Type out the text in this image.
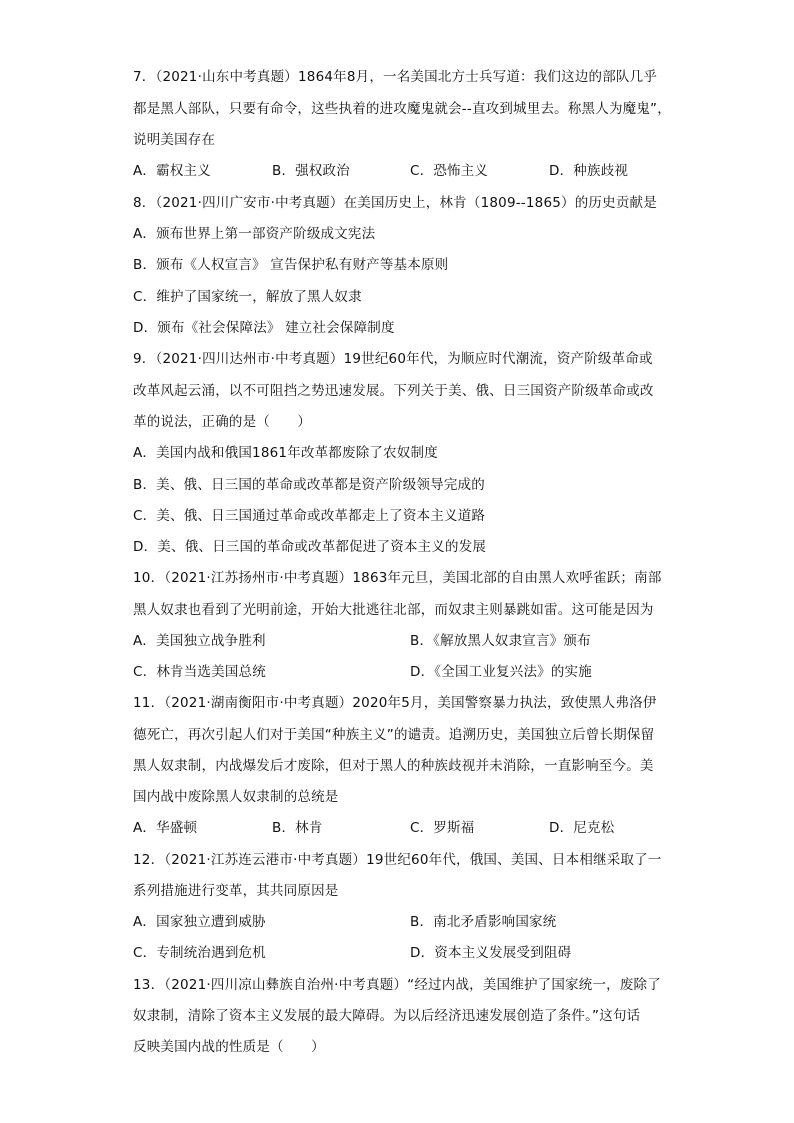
7．（2021·山东中考真题）1864年8月，一名美国北方士兵写道：我们这边的部队几乎
都是黑人部队，只要有命令，这些执着的进攻魔鬼就会--直攻到城里去。称黑人为魔鬼”，
说明美国存在
A．霸权主义	B．强权政治	C．恐怖主义	D．种族歧视
8．（2021·四川广安市·中考真题）在美国历史上，林肯（1809--1865）的历史贡献是
A．颁布世界上第一部资产阶级成文宪法
B．颁布《人权宣言》 宣告保护私有财产等基本原则
C．维护了国家统一，解放了黑人奴隶
D．颁布《社会保障法》 建立社会保障制度
9．（2021·四川达州市·中考真题）19世纪60年代，为顺应时代潮流，资产阶级革命或
改革风起云涌，以不可阻挡之势迅速发展。下列关于美、俄、日三国资产阶级革命或改
革的说法，正确的是（　　）
A．美国内战和俄国1861年改革都废除了农奴制度
B．美、俄、日三国的革命或改革都是资产阶级领导完成的
C．美、俄、日三国通过革命或改革都走上了资本主义道路
D．美、俄、日三国的革命或改革都促进了资本主义的发展
10．（2021·江苏扬州市·中考真题）1863年元旦，美国北部的自由黑人欢呼雀跃；南部
黑人奴隶也看到了光明前途，开始大批逃往北部，而奴隶主则暴跳如雷。这可能是因为
A．美国独立战争胜利	B．《解放黑人奴隶宣言》颁布
C．林肯当选美国总统	D．《全国工业复兴法》的实施
11．（2021·湖南衡阳市·中考真题）2020年5月，美国警察暴力执法，致使黑人弗洛伊
德死亡，再次引起人们对于美国“种族主义”的谴责。追溯历史，美国独立后曾长期保留
黑人奴隶制，内战爆发后才废除，但对于黑人的种族歧视并未消除，一直影响至今。美
国内战中废除黑人奴隶制的总统是
A．华盛顿	B．林肯	C．罗斯福	D．尼克松
12．（2021·江苏连云港市·中考真题）19世纪60年代，俄国、美国、日本相继采取了一
系列措施进行变革，其共同原因是
A．国家独立遭到威胁	B．南北矛盾影响国家统
C．专制统治遇到危机	D．资本主义发展受到阻碍
13．（2021·四川凉山彝族自治州·中考真题）“经过内战，美国维护了国家统一，废除了
奴隶制，清除了资本主义发展的最大障碍。为以后经济迅速发展创造了条件。”这句话
反映美国内战的性质是（　　）
